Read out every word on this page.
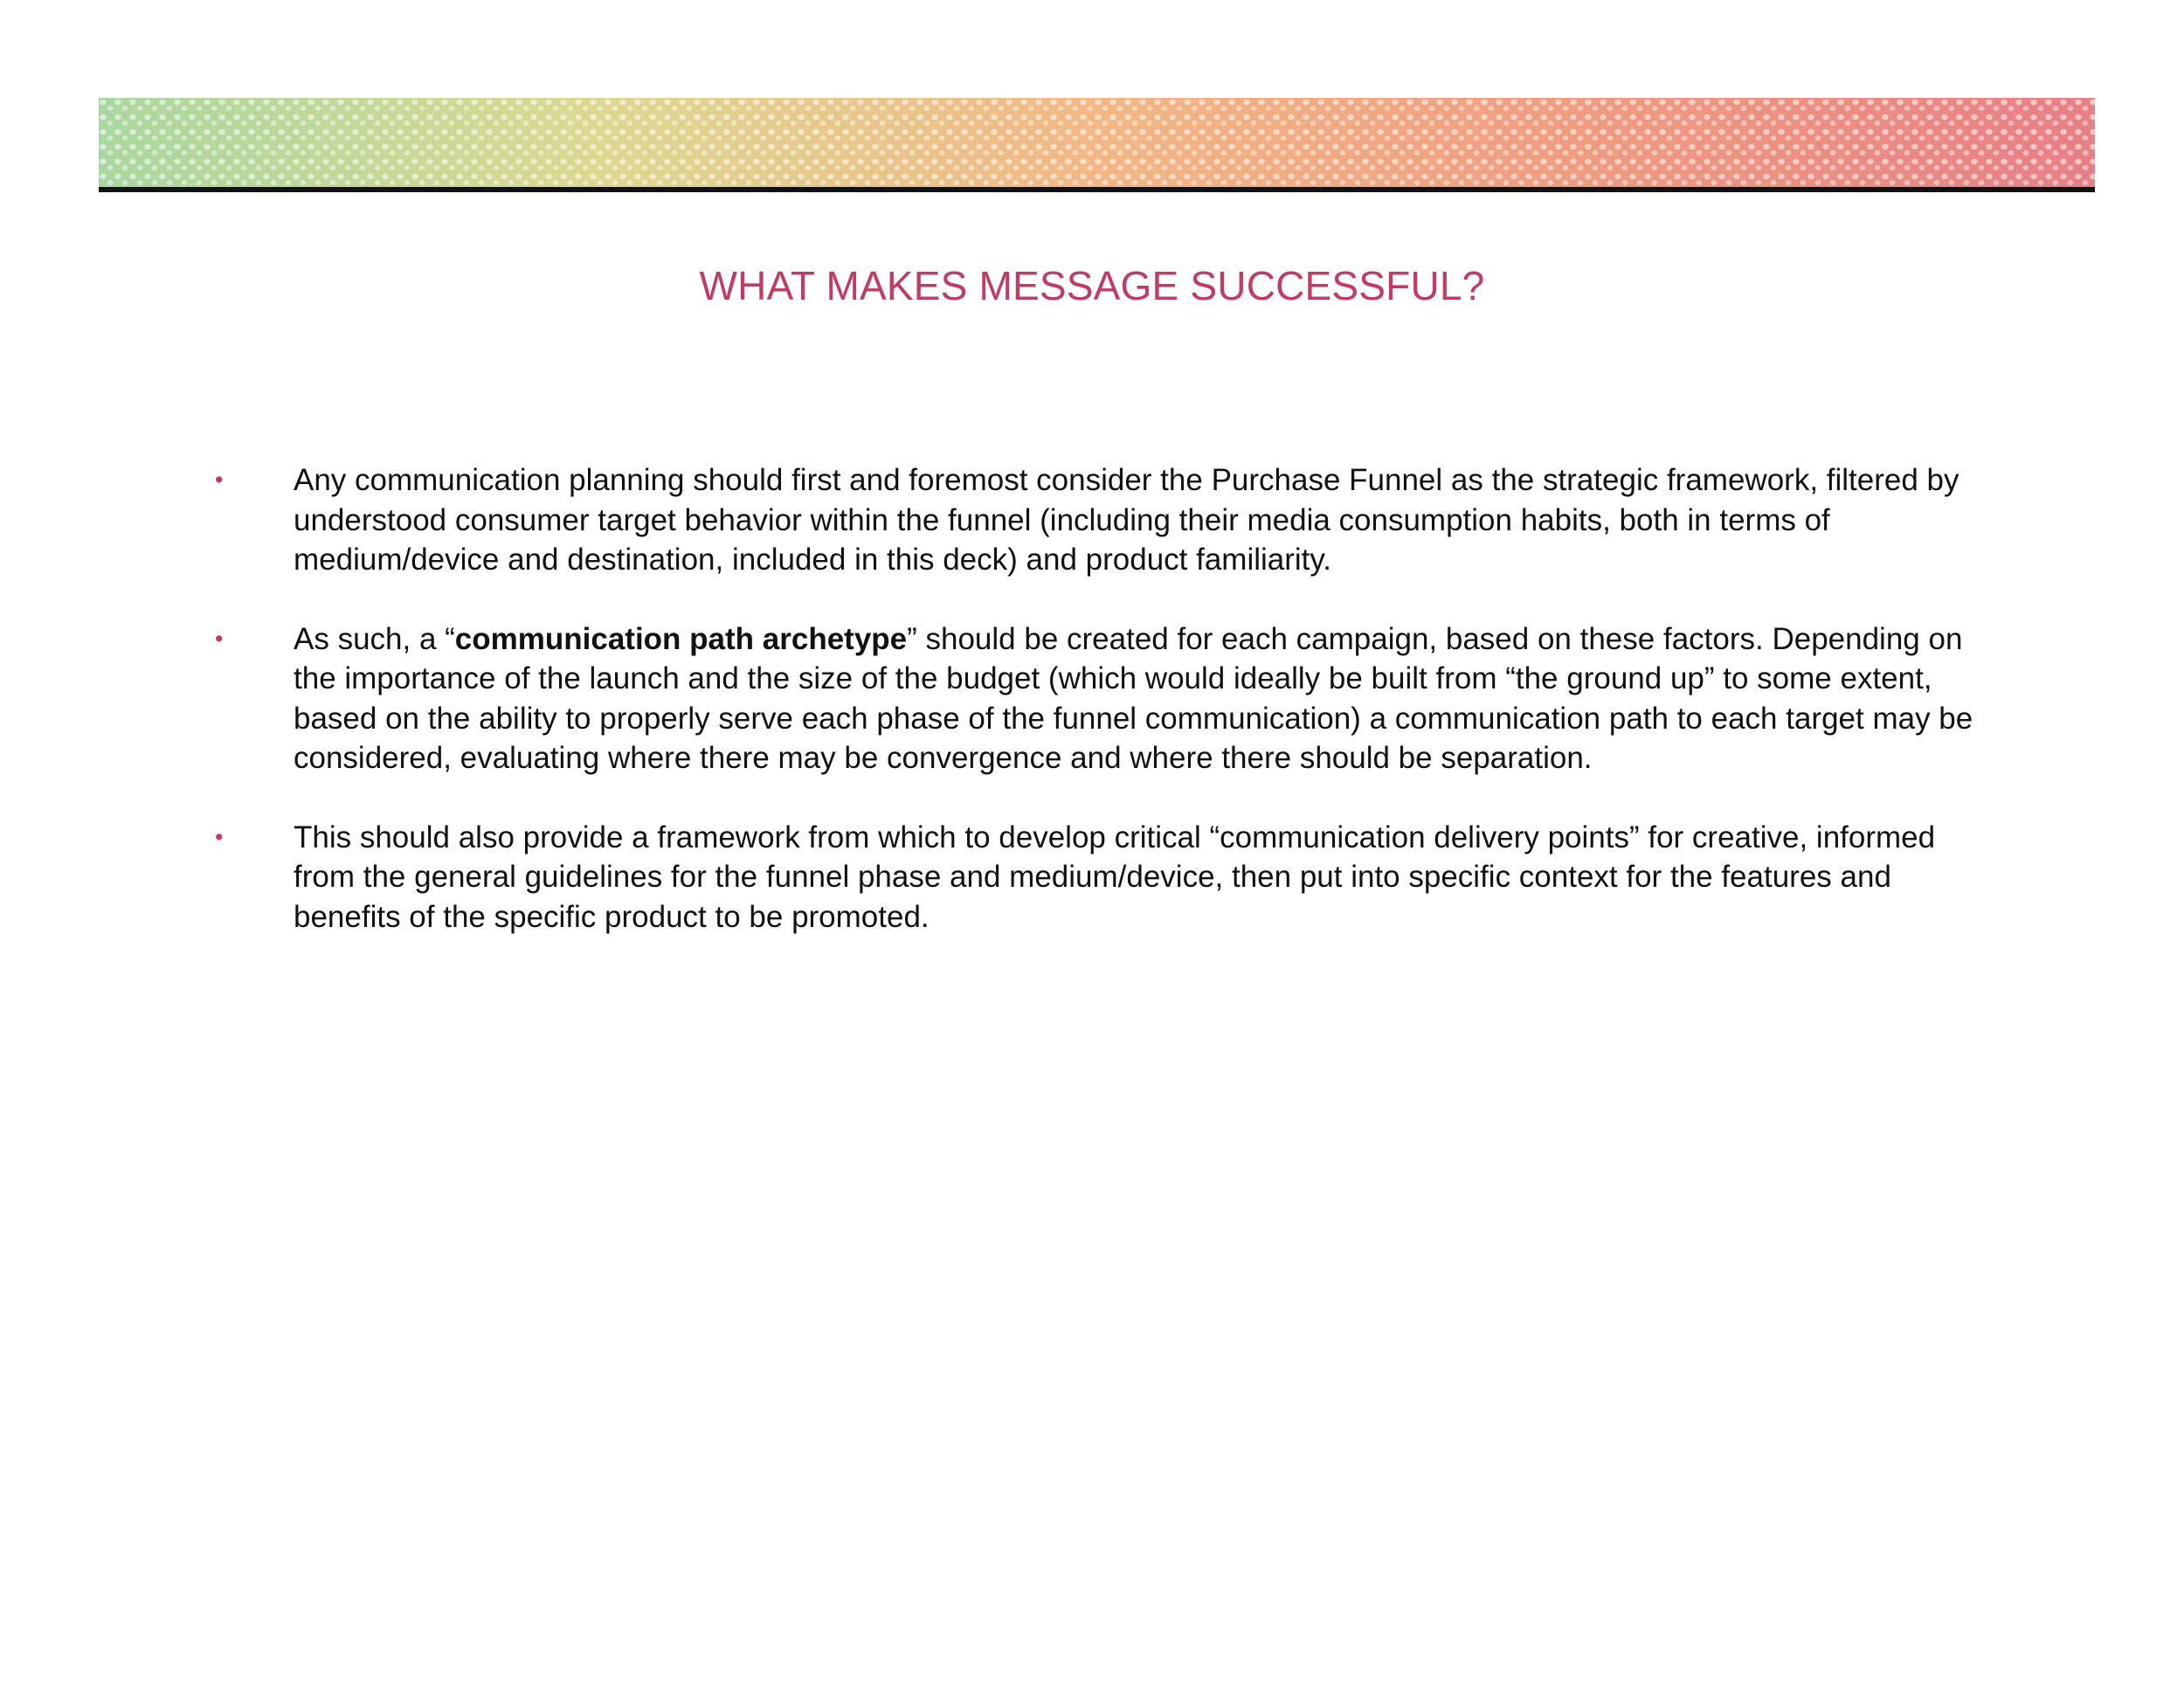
WHAT MAKES MESSAGE SUCCESSFUL?
• Any communication planning should first and foremost consider the Purchase Funnel as the strategic framework, filtered by understood consumer target behavior within the funnel (including their media consumption habits, both in terms of medium/device and destination, included in this deck) and product familiarity.
• As such, a “communication path archetype” should be created for each campaign, based on these factors. Depending on the importance of the launch and the size of the budget (which would ideally be built from “the ground up” to some extent, based on the ability to properly serve each phase of the funnel communication) a communication path to each target may be considered, evaluating where there may be convergence and where there should be separation.
• This should also provide a framework from which to develop critical “communication delivery points” for creative, informed from the general guidelines for the funnel phase and medium/device, then put into specific context for the features and benefits of the specific product to be promoted.
